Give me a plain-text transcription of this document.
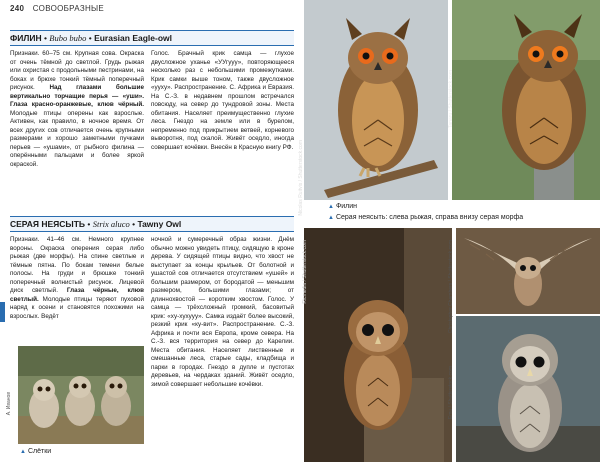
240 СОВООБРАЗНЫЕ
ФИЛИН • Bubo bubo • Eurasian Eagle-owl

Признаки. 60–75 см. Крупная сова. Окраска от очень тёмной до светлой. Грудь рыжая или охристая с продольными пестринами, на боках и брюхе тонкий тёмный поперечный рисунок. Над глазами большие вертикально торчащие перья — «уши». Глаза красно-оранжевые, клюв чёрный. Молодые птицы оперены как взрослые. Активен, как правило, в ночное время. От всех других сов отличается очень крупными размерами и хорошо заметными пучками перьев — «ушами», от рыбного филина — оперёнными пальцами и более яркой окраской.

Голос. Брачный крик самца — глухое двусложное уханье «УУгууу», повторяющееся несколько раз с небольшими промежутками. Крик самки выше тоном, также двусложное «ууху». Распространение. С. Африка и Евразия. На С.-З. в недавнем прошлом встречался повсюду, на север до тундровой зоны. Места обитания. Населяет преимущественно глухие леса. Гнездо на земле или в бурелом, непременно под прикрытием ветвей, корневого выворотня, под скалой. Живёт оседло, иногда совершает кочёвки. Внесён в Красную книгу РФ.

СЕРАЯ НЕЯСЫТЬ • Strix aluco • Tawny Owl

Признаки. 41–46 см. Немного крупнее вороны. Окраска оперения серая либо рыжая (две морфы). На спине светлые и тёмные пятна. По бокам темени белые полосы. На груди и брюшке тонкий поперечный волнистый рисунок. Лицевой диск светлый. Глаза чёрные, клюв светлый. Молодые птицы теряют пуховой наряд к осени и становятся похожими на взрослых. Ведёт

ночной и сумеречный образ жизни. Днём обычно можно увидеть птицу, сидящую в кроне дерева. У сидящей птицы видно, что хвост не выступает за концы крыльев. От болотной и ушастой сов отличается отсутствием «ушей» и большим размером, от бородатой — меньшим размером, большими глазами; от длиннохвостой — коротким хвостом. Голос. У самца — трёхсложный громкий, басовитый крик: «ху-хухууу». Самка издаёт более высокий, резкий крик «ку-вит». Распространение. С.-З. Африка и почти вся Европа, кроме севера. На С.-З. вся территория на север до Карелии. Места обитания. Населяет лиственные и смешанные леса, старые сады, кладбища и парки в городах. Гнездо в дупле и пустотах деревьев, на чердаках зданий. Живёт оседло, зимой совершает небольшие кочёвки.

А. Иванов
▲ Слётки
Nicolas Ruitvis / Shutterstock.com
Tanaru / Shutterstock.com
▲ Филин
▲ Серая неясыть: слева рыжая, справа внизу серая морфа
Ricmedia / Shutterstock.com	Christopher Chambers / Shutterstock.com
Emu / Shutterstock.com
